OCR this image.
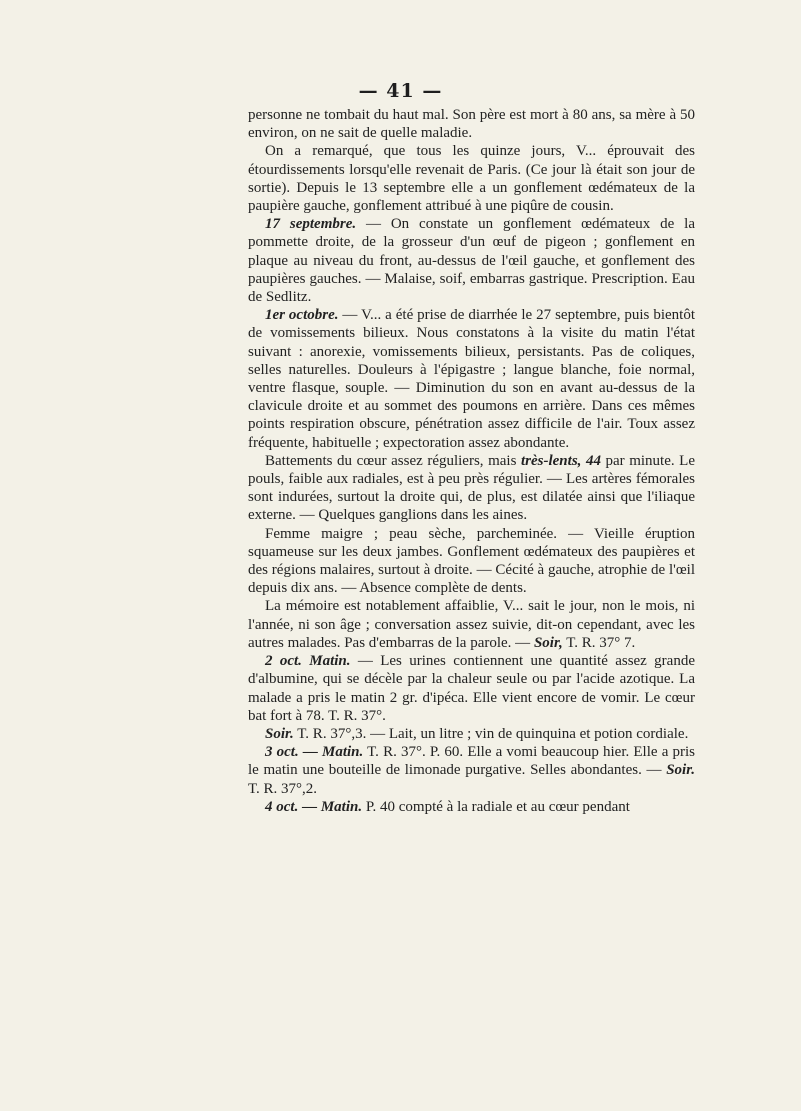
— 41 —

personne ne tombait du haut mal. Son père est mort à 80 ans, sa mère à 50 environ, on ne sait de quelle maladie.

On a remarqué, que tous les quinze jours, V... éprouvait des étourdissements lorsqu'elle revenait de Paris. (Ce jour là était son jour de sortie). Depuis le 13 septembre elle a un gonflement œdémateux de la paupière gauche, gonflement attribué à une piqûre de cousin.

17 septembre. — On constate un gonflement œdémateux de la pommette droite, de la grosseur d'un œuf de pigeon ; gonflement en plaque au niveau du front, au-dessus de l'œil gauche, et gonflement des paupières gauches. — Malaise, soif, embarras gastrique. Prescription. Eau de Sedlitz.

1er octobre. — V... a été prise de diarrhée le 27 septembre, puis bientôt de vomissements bilieux. Nous constatons à la visite du matin l'état suivant : anorexie, vomissements bilieux, persistants. Pas de coliques, selles naturelles. Douleurs à l'épigastre ; langue blanche, foie normal, ventre flasque, souple. — Diminution du son en avant au-dessus de la clavicule droite et au sommet des poumons en arrière. Dans ces mêmes points respiration obscure, pénétration assez difficile de l'air. Toux assez fréquente, habituelle ; expectoration assez abondante.

Battements du cœur assez réguliers, mais très-lents, 44 par minute. Le pouls, faible aux radiales, est à peu près régulier. — Les artères fémorales sont indurées, surtout la droite qui, de plus, est dilatée ainsi que l'iliaque externe. — Quelques ganglions dans les aines.

Femme maigre ; peau sèche, parcheminée. — Vieille éruption squameuse sur les deux jambes. Gonflement œdémateux des paupières et des régions malaires, surtout à droite. — Cécité à gauche, atrophie de l'œil depuis dix ans. — Absence complète de dents.

La mémoire est notablement affaiblie, V... sait le jour, non le mois, ni l'année, ni son âge ; conversation assez suivie, dit-on cependant, avec les autres malades. Pas d'embarras de la parole. — Soir, T. R. 37° 7.

2 oct. Matin. — Les urines contiennent une quantité assez grande d'albumine, qui se décèle par la chaleur seule ou par l'acide azotique. La malade a pris le matin 2 gr. d'ipéca. Elle vient encore de vomir. Le cœur bat fort à 78. T. R. 37°.

Soir. T. R. 37°,3. — Lait, un litre ; vin de quinquina et potion cordiale.

3 oct. — Matin. T. R. 37°. P. 60. Elle a vomi beaucoup hier. Elle a pris le matin une bouteille de limonade purgative. Selles abondantes. — Soir. T. R. 37°,2.

4 oct. — Matin. P. 40 compté à la radiale et au cœur pendant
